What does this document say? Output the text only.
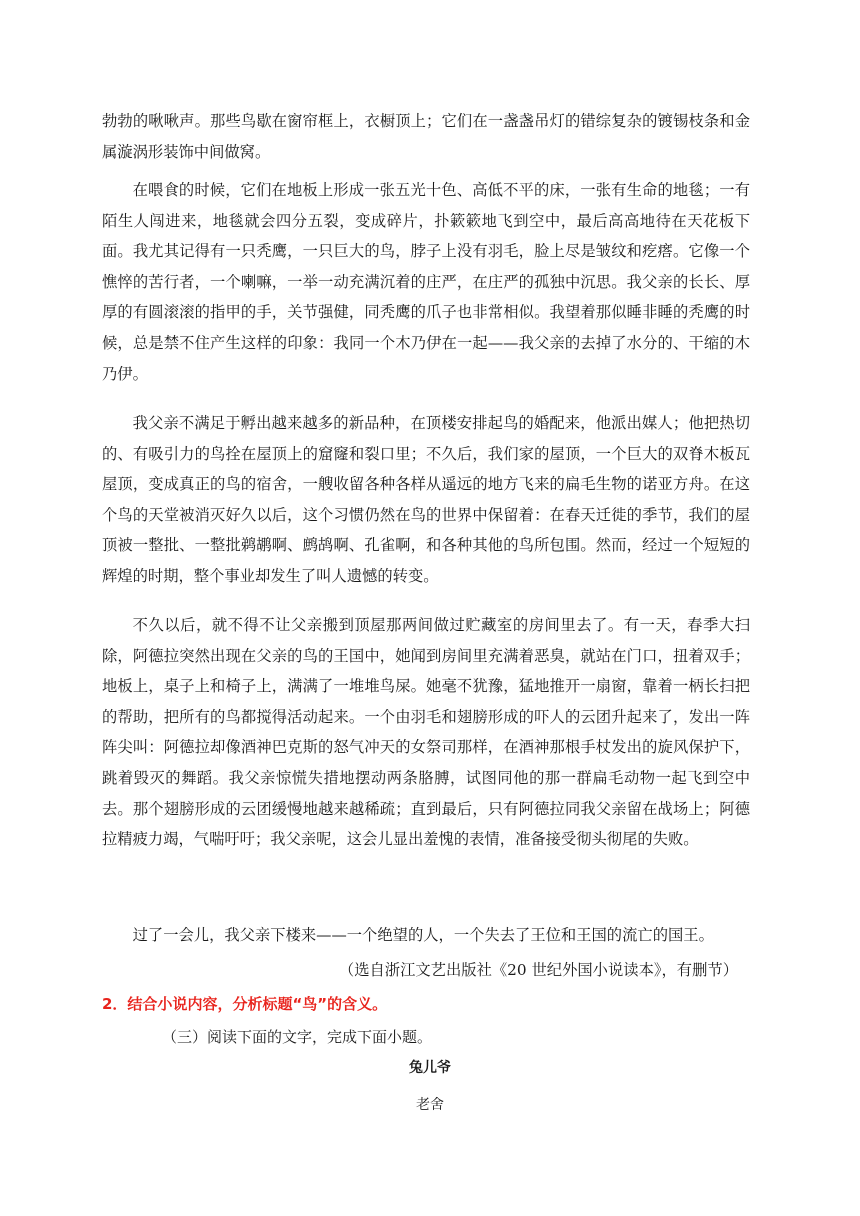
勃勃的啾啾声。那些鸟歇在窗帘框上，衣橱顶上；它们在一盏盏吊灯的错综复杂的镀锡枝条和金属漩涡形装饰中间做窝。

在喂食的时候，它们在地板上形成一张五光十色、高低不平的床，一张有生命的地毯；一有陌生人闯进来，地毯就会四分五裂，变成碎片，扑簌簌地飞到空中，最后高高地待在天花板下面。我尤其记得有一只秃鹰，一只巨大的鸟，脖子上没有羽毛，脸上尽是皱纹和疙瘩。它像一个憔悴的苦行者，一个喇嘛，一举一动充满沉着的庄严，在庄严的孤独中沉思。我父亲的长长、厚厚的有圆滚滚的指甲的手，关节强健，同秃鹰的爪子也非常相似。我望着那似睡非睡的秃鹰的时候，总是禁不住产生这样的印象：我同一个木乃伊在一起——我父亲的去掉了水分的、干缩的木乃伊。

我父亲不满足于孵出越来越多的新品种，在顶楼安排起鸟的婚配来，他派出媒人；他把热切的、有吸引力的鸟拴在屋顶上的窟窿和裂口里；不久后，我们家的屋顶，一个巨大的双脊木板瓦屋顶，变成真正的鸟的宿舍，一艘收留各种各样从遥远的地方飞来的扁毛生物的诺亚方舟。在这个鸟的天堂被消灭好久以后，这个习惯仍然在鸟的世界中保留着：在春天迁徙的季节，我们的屋顶被一整批、一整批鹈鹕啊、鹧鸪啊、孔雀啊，和各种其他的鸟所包围。然而，经过一个短短的辉煌的时期，整个事业却发生了叫人遗憾的转变。

不久以后，就不得不让父亲搬到顶屋那两间做过贮藏室的房间里去了。有一天，春季大扫除，阿德拉突然出现在父亲的鸟的王国中，她闻到房间里充满着恶臭，就站在门口，扭着双手；地板上，桌子上和椅子上，满满了一堆堆鸟屎。她毫不犹豫，猛地推开一扇窗，靠着一柄长扫把的帮助，把所有的鸟都搅得活动起来。一个由羽毛和翅膀形成的吓人的云团升起来了，发出一阵阵尖叫：阿德拉却像酒神巴克斯的怒气冲天的女祭司那样，在酒神那根手杖发出的旋风保护下，跳着毁灭的舞蹈。我父亲惊慌失措地摆动两条胳膊，试图同他的那一群扁毛动物一起飞到空中去。那个翅膀形成的云团缓慢地越来越稀疏；直到最后，只有阿德拉同我父亲留在战场上；阿德拉精疲力竭，气喘吁吁；我父亲呢，这会儿显出羞愧的表情，准备接受彻头彻尾的失败。

过了一会儿，我父亲下楼来——一个绝望的人，一个失去了王位和王国的流亡的国王。

（选自浙江文艺出版社《20 世纪外国小说读本》，有删节）

2．结合小说内容，分析标题“鸟”的含义。

（三）阅读下面的文字，完成下面小题。

兔儿爷

老舍
